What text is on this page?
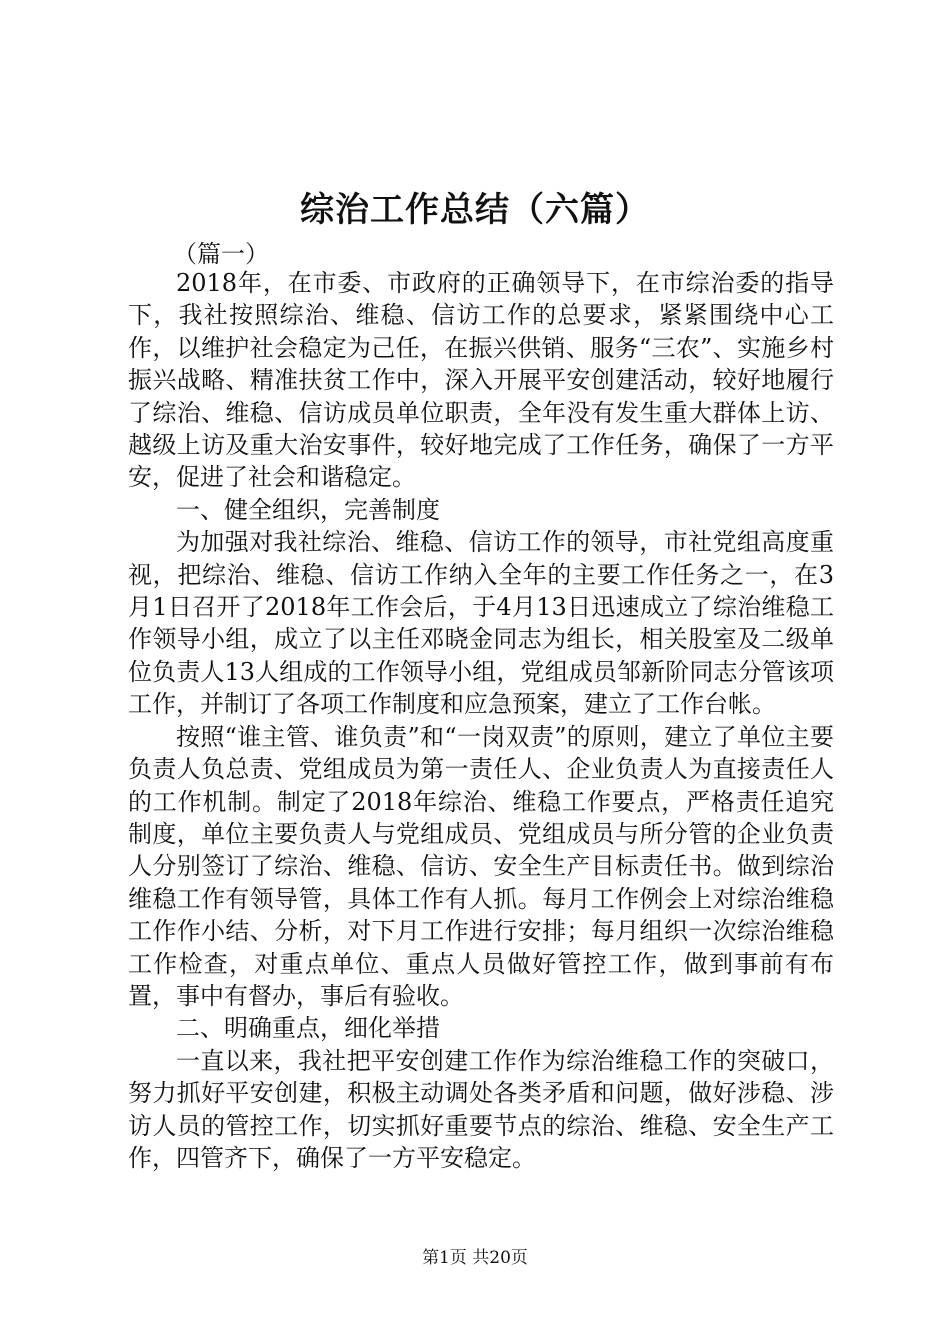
综治工作总结（六篇）
（篇一）

2018年，在市委、市政府的正确领导下，在市综治委的指导下，我社按照综治、维稳、信访工作的总要求，紧紧围绕中心工作，以维护社会稳定为己任，在振兴供销、服务“三农”、实施乡村振兴战略、精准扶贫工作中，深入开展平安创建活动，较好地履行了综治、维稳、信访成员单位职责，全年没有发生重大群体上访、越级上访及重大治安事件，较好地完成了工作任务，确保了一方平安，促进了社会和谐稳定。

一、健全组织，完善制度

为加强对我社综治、维稳、信访工作的领导，市社党组高度重视，把综治、维稳、信访工作纳入全年的主要工作任务之一，在3月1日召开了2018年工作会后，于4月13日迅速成立了综治维稳工作领导小组，成立了以主任邓晓金同志为组长，相关股室及二级单位负责人13人组成的工作领导小组，党组成员邹新阶同志分管该项工作，并制订了各项工作制度和应急预案，建立了工作台帐。

按照“谁主管、谁负责”和“一岗双责”的原则，建立了单位主要负责人负总责、党组成员为第一责任人、企业负责人为直接责任人的工作机制。制定了2018年综治、维稳工作要点，严格责任追究制度，单位主要负责人与党组成员、党组成员与所分管的企业负责人分别签订了综治、维稳、信访、安全生产目标责任书。做到综治维稳工作有领导管，具体工作有人抓。每月工作例会上对综治维稳工作作小结、分析，对下月工作进行安排；每月组织一次综治维稳工作检查，对重点单位、重点人员做好管控工作，做到事前有布置，事中有督办，事后有验收。

二、明确重点，细化举措

一直以来，我社把平安创建工作作为综治维稳工作的突破口，努力抓好平安创建，积极主动调处各类矛盾和问题，做好涉稳、涉访人员的管控工作，切实抓好重要节点的综治、维稳、安全生产工作，四管齐下，确保了一方平安稳定。

第1页 共20页
